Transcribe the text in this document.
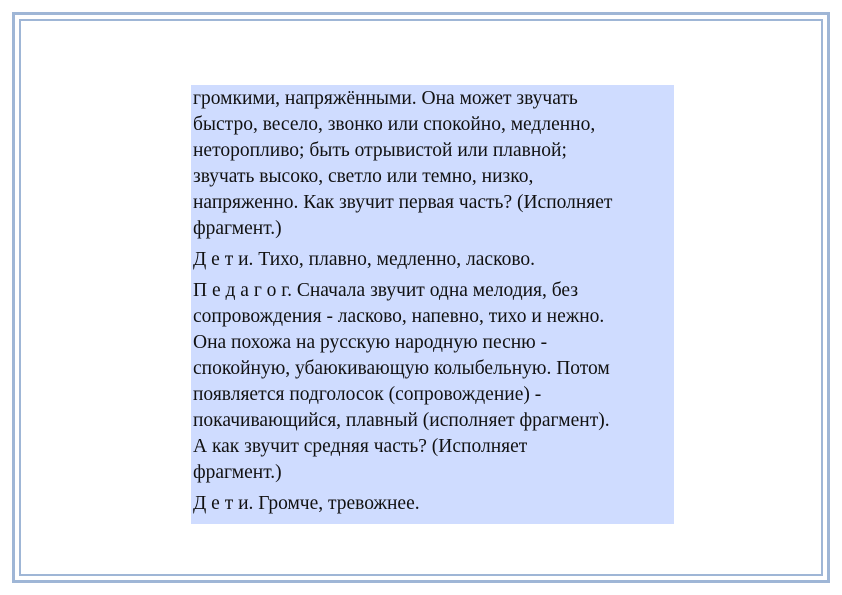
громкими, напряжёнными. Она может звучать
быстро, весело, звонко или спокойно, медленно,
неторопливо; быть отрывистой или плавной;
звучать высоко, светло или темно, низко,
напряженно. Как звучит первая часть? (Исполняет
фрагмент.)

Д е т и. Тихо, плавно, медленно, ласково.

П е д а г о г. Сначала звучит одна мелодия, без
сопровождения - ласково, напевно, тихо и нежно.
Она похожа на русскую народную песню -
спокойную, убаюкивающую колыбельную. Потом
появляется подголосок (сопровождение) -
покачивающийся, плавный (исполняет фрагмент).
А как звучит средняя часть? (Исполняет
фрагмент.)

Д е т и. Громче, тревожнее.
